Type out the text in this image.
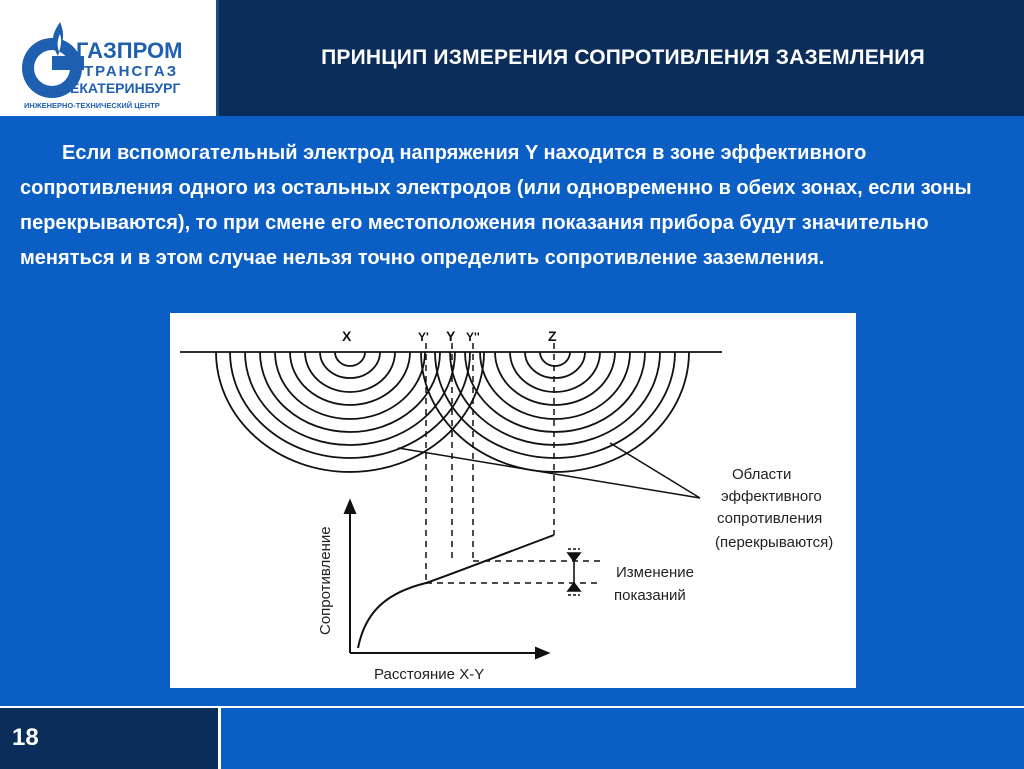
ГАЗПРОМ
ТРАНСГАЗ
ЕКАТЕРИНБУРГ
ИНЖЕНЕРНО-ТЕХНИЧЕСКИЙ ЦЕНТР
ПРИНЦИП ИЗМЕРЕНИЯ СОПРОТИВЛЕНИЯ ЗАЗЕМЛЕНИЯ

Если вспомогательный электрод напряжения Y находится в зоне эффективного сопротивления одного из остальных электродов (или одновременно в обеих зонах, если зоны перекрываются), то при смене его местоположения показания прибора будут значительно меняться и в этом случае нельзя точно определить сопротивление заземления.

X	Y' Y Y''	Z
Области
эффективного
сопротивления
(перекрываются)
Изменение
показаний
Сопротивление
Расстояние X-Y
18
